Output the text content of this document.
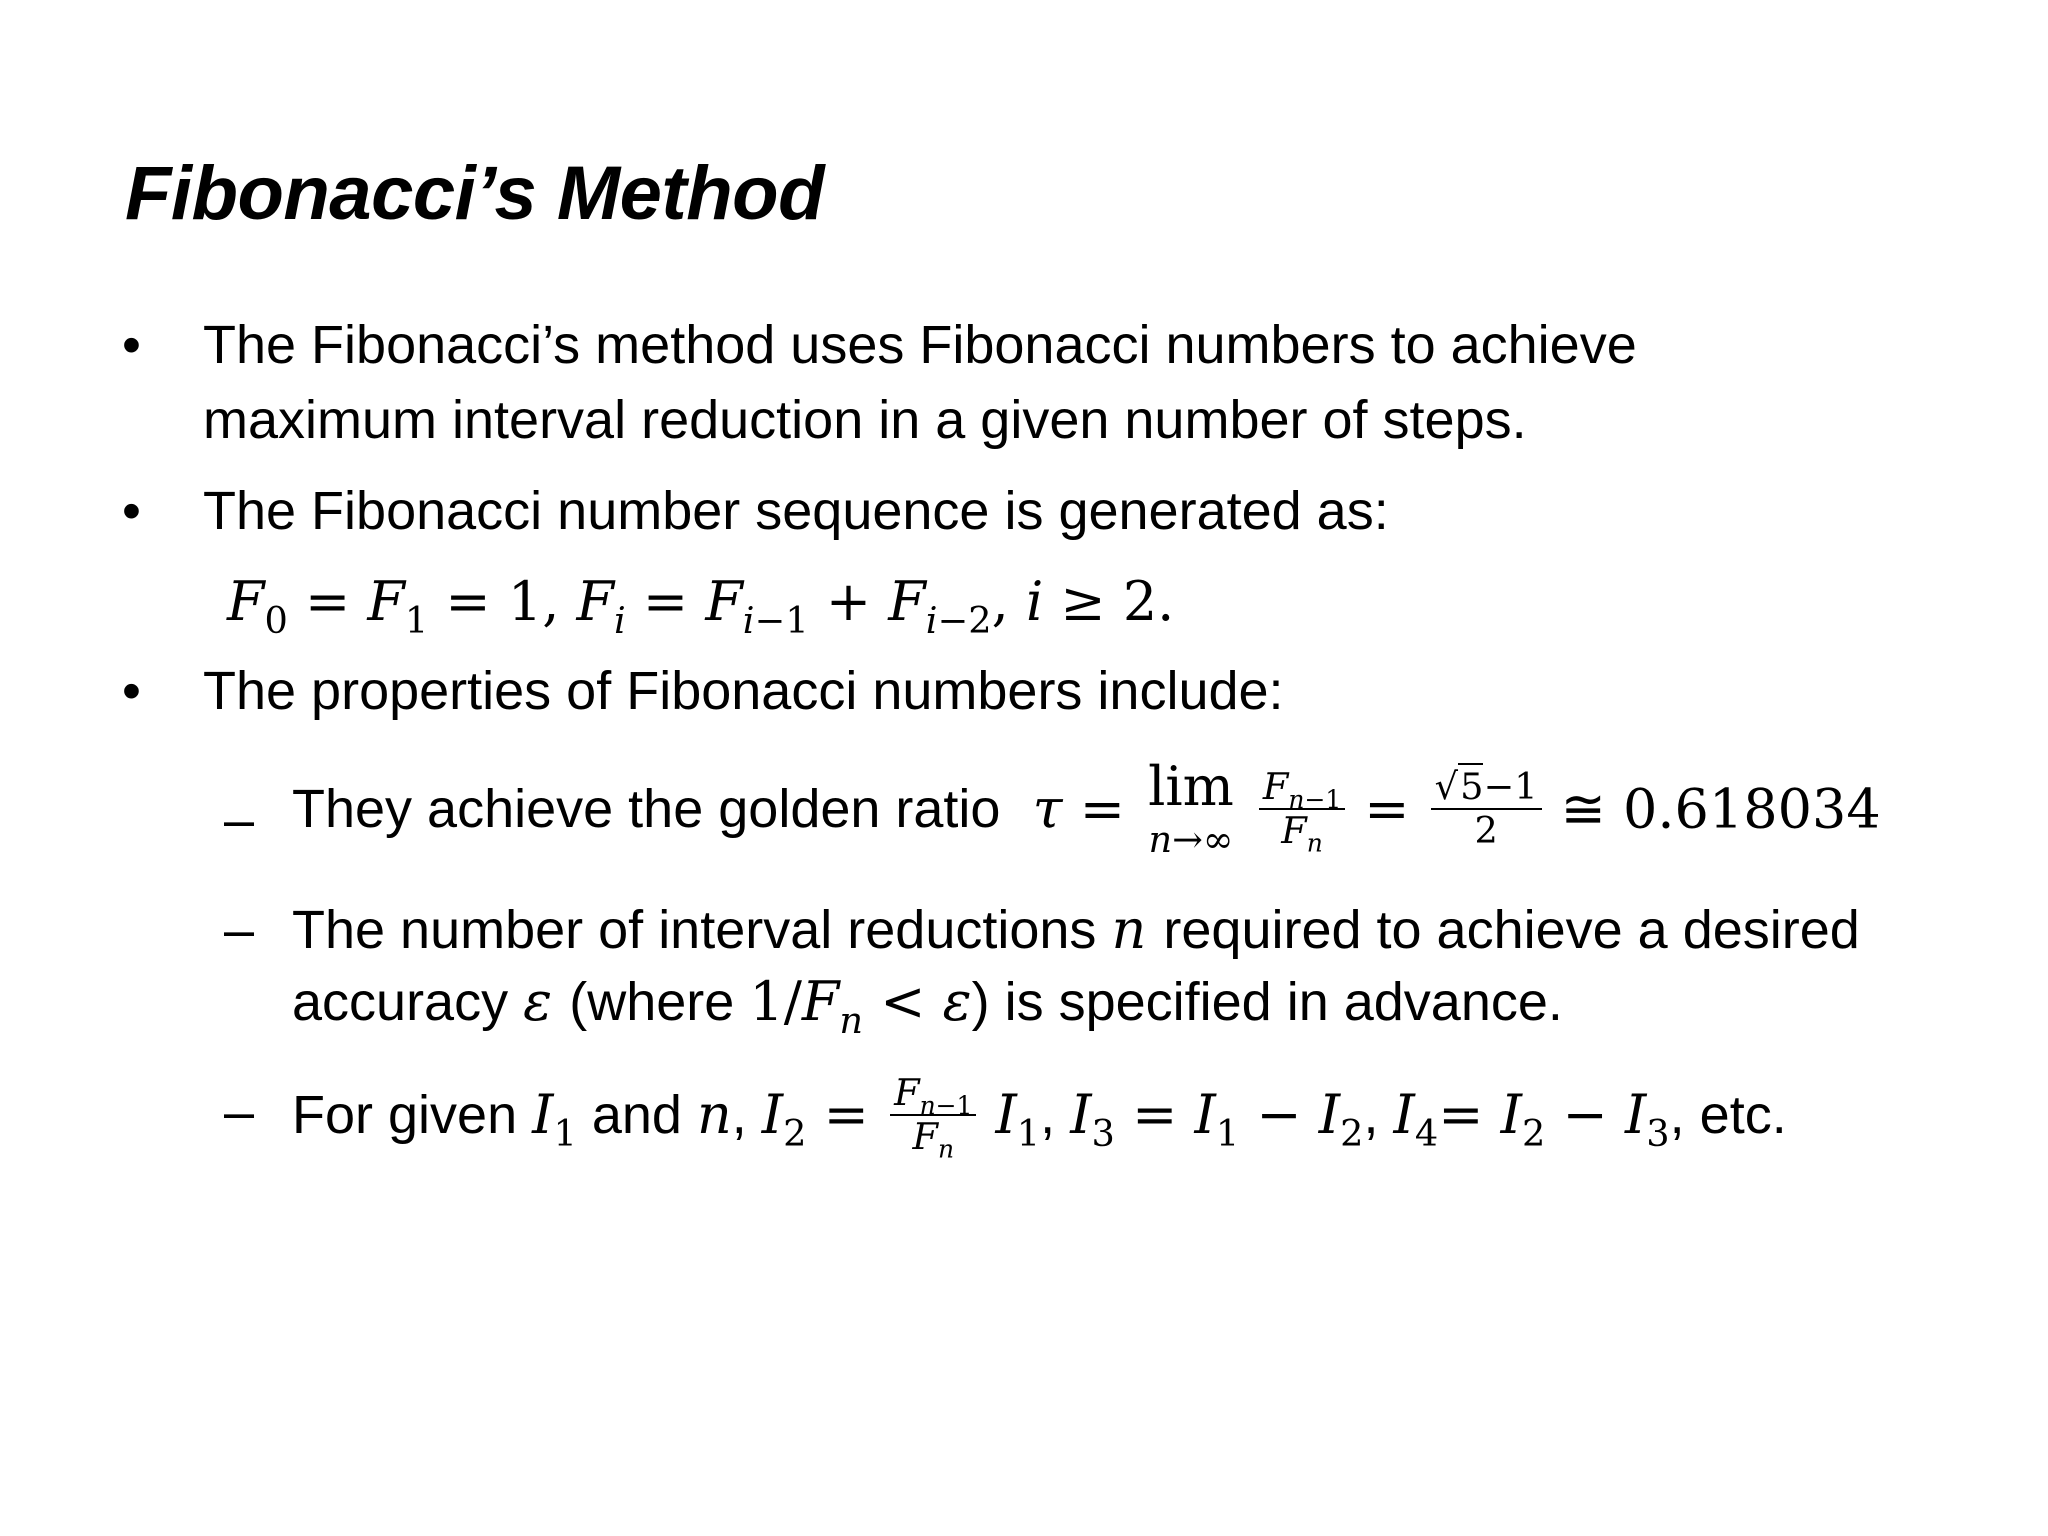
Fibonacci’s Method
• The Fibonacci’s method uses Fibonacci numbers to achieve
maximum interval reduction in a given number of steps.
• The Fibonacci number sequence is generated as:
$F_0 = F_1 = 1$, $F_i = F_{i-1} + F_{i-2}$, i ≥ 2.
• The properties of Fibonacci numbers include:
– They achieve the golden ratio  τ = lim
n→∞
$\frac{F_{n-1}}{F_n} = \frac{√5-1}{2}$ ≅ 0.618034
– The number of interval reductions n required to achieve a desired
accuracy ε (where $1/F_n < \varepsilon$) is specified in advance.
– For given $I_1$ and n, $I_2 = \frac{F_{n-1}}{F_n} I_1$, $I_3 = I_1 - I_2$, $I_4= I_2 - I_3$, etc.
